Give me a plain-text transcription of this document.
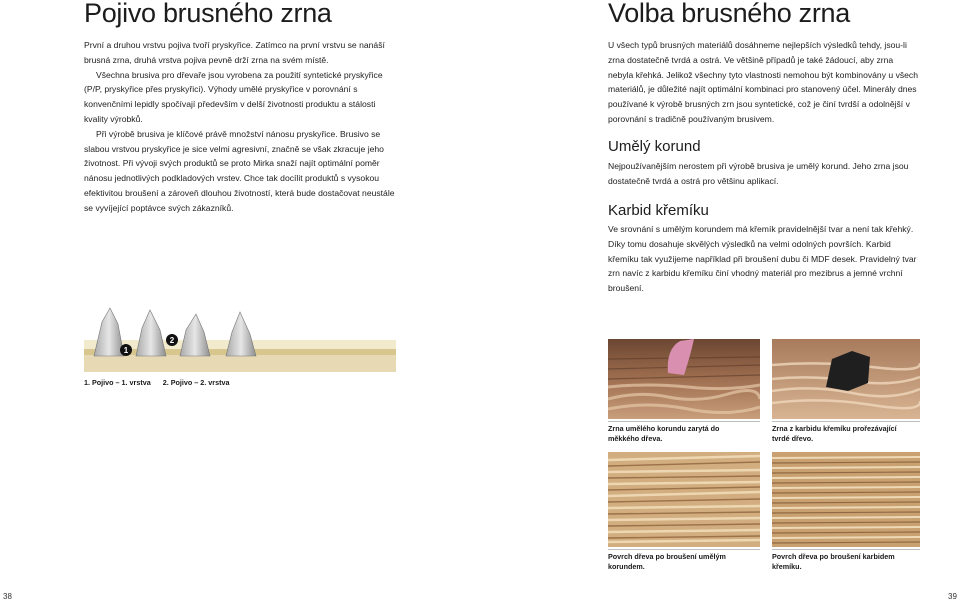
Pojivo brusného zrna

První a druhou vrstvu pojiva tvoří pryskyřice. Zatímco na první vrstvu se nanáší brusná zrna, druhá vrstva pojiva pevně drží zrna na svém místě.

Všechna brusiva pro dřevaře jsou vyrobena za použití syntetické pryskyřice (P/P, pryskyřice přes pryskyřici). Výhody umělé pryskyřice v porovnání s konvenčními lepidly spočívají především v delší životnosti produktu a stálosti kvality výrobků.

Při výrobě brusiva je klíčové právě množství nánosu pryskyřice. Brusivo se slabou vrstvou pryskyřice je sice velmi agresivní, značně se však zkracuje jeho životnost. Při vývoji svých produktů se proto Mirka snaží najít optimální poměr nánosu jednotlivých podkladových vrstev. Chce tak docílit produktů s vysokou efektivitou broušení a zároveň dlouhou životností, která bude dostačovat neustále se vyvíjející poptávce svých zákazníků.

1
2
1. Pojivo – 1. vrstva 2. Pojivo – 2. vrstva
38
Volba brusného zrna
U všech typů brusných materiálů dosáhneme nejlepších výsledků tehdy, jsou-li zrna dostatečně tvrdá a ostrá. Ve většině případů je také žádoucí, aby zrna nebyla křehká. Jelikož všechny tyto vlastnosti nemohou být kombinovány u všech materiálů, je důležité najít optimální kombinaci pro stanovený účel. Minerály dnes používané k výrobě brusných zrn jsou syntetické, což je činí tvrdší a odolnější v porovnání s tradičně používaným brusivem.
Umělý korund
Nejpoužívanějším nerostem při výrobě brusiva je umělý korund. Jeho zrna jsou dostatečně tvrdá a ostrá pro většinu aplikací.
Karbid křemíku
Ve srovnání s umělým korundem má křemík pravidelnější tvar a není tak křehký. Díky tomu dosahuje skvělých výsledků na velmi odolných površích. Karbid křemíku tak využijeme například při broušení dubu či MDF desek. Pravidelný tvar zrn navíc z karbidu křemíku činí vhodný materiál pro mezibrus a jemné vrchní broušení.
Zrna umělého korundu zarytá do měkkého dřeva.
Zrna z karbidu křemíku prořezávající tvrdé dřevo.
Povrch dřeva po broušení umělým korundem.
Povrch dřeva po broušení karbidem křemíku.
39
